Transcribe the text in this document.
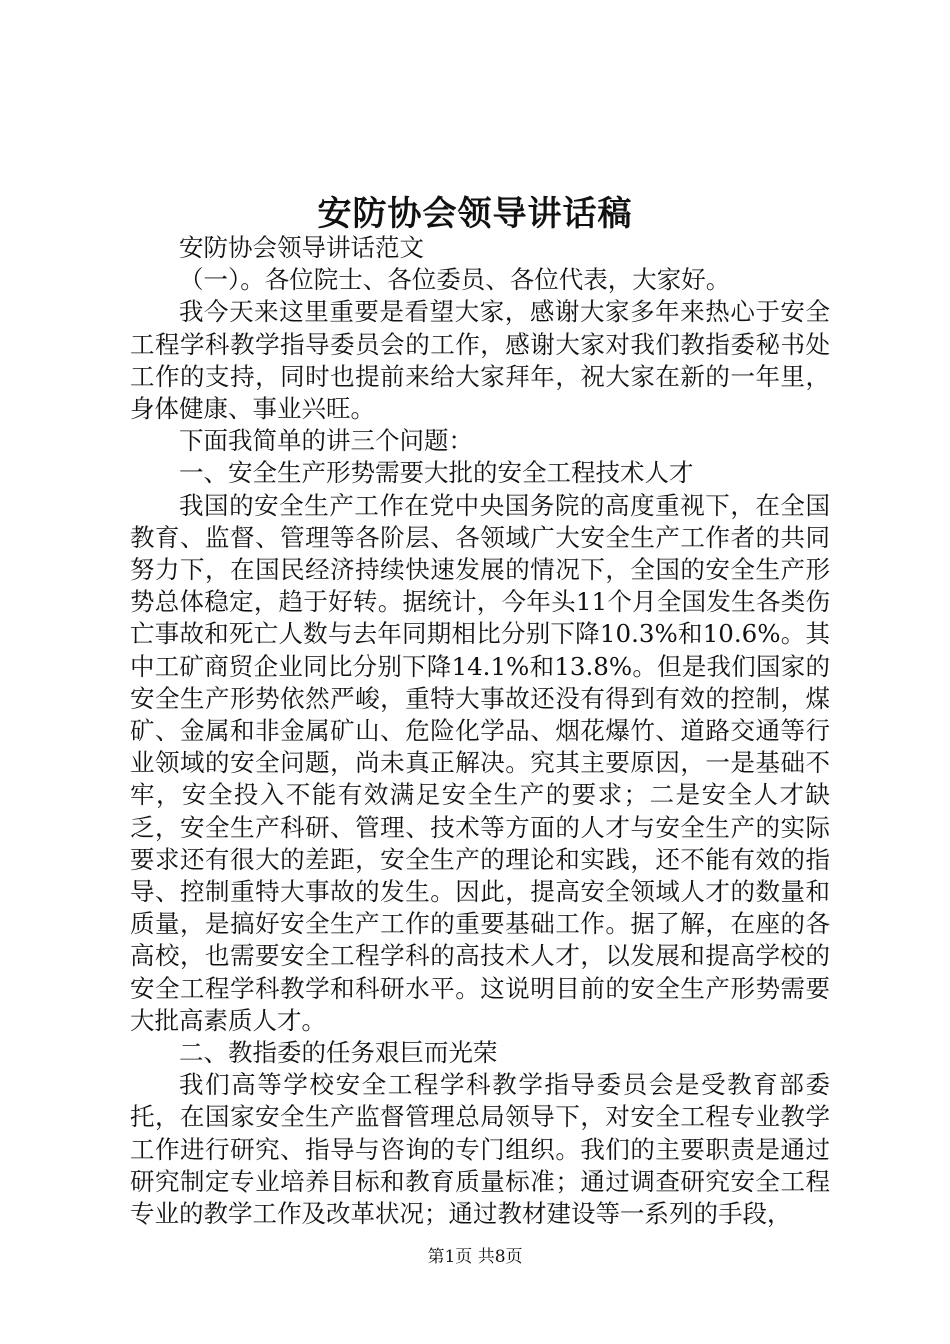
安防协会领导讲话稿

安防协会领导讲话范文

（一）。各位院士、各位委员、各位代表，大家好。

我今天来这里重要是看望大家，感谢大家多年来热心于安全工程学科教学指导委员会的工作，感谢大家对我们教指委秘书处工作的支持，同时也提前来给大家拜年，祝大家在新的一年里，身体健康、事业兴旺。

下面我简单的讲三个问题：

一、安全生产形势需要大批的安全工程技术人才

我国的安全生产工作在党中央国务院的高度重视下，在全国教育、监督、管理等各阶层、各领域广大安全生产工作者的共同努力下，在国民经济持续快速发展的情况下，全国的安全生产形势总体稳定，趋于好转。据统计，今年头11个月全国发生各类伤亡事故和死亡人数与去年同期相比分别下降10.3%和10.6%。其中工矿商贸企业同比分别下降14.1%和13.8%。但是我们国家的安全生产形势依然严峻，重特大事故还没有得到有效的控制，煤矿、金属和非金属矿山、危险化学品、烟花爆竹、道路交通等行业领域的安全问题，尚未真正解决。究其主要原因，一是基础不牢，安全投入不能有效满足安全生产的要求；二是安全人才缺乏，安全生产科研、管理、技术等方面的人才与安全生产的实际要求还有很大的差距，安全生产的理论和实践，还不能有效的指导、控制重特大事故的发生。因此，提高安全领域人才的数量和质量，是搞好安全生产工作的重要基础工作。据了解，在座的各高校，也需要安全工程学科的高技术人才，以发展和提高学校的安全工程学科教学和科研水平。这说明目前的安全生产形势需要大批高素质人才。

二、教指委的任务艰巨而光荣

我们高等学校安全工程学科教学指导委员会是受教育部委托，在国家安全生产监督管理总局领导下，对安全工程专业教学工作进行研究、指导与咨询的专门组织。我们的主要职责是通过研究制定专业培养目标和教育质量标准；通过调查研究安全工程专业的教学工作及改革状况；通过教材建设等一系列的手段，

第1页 共8页
